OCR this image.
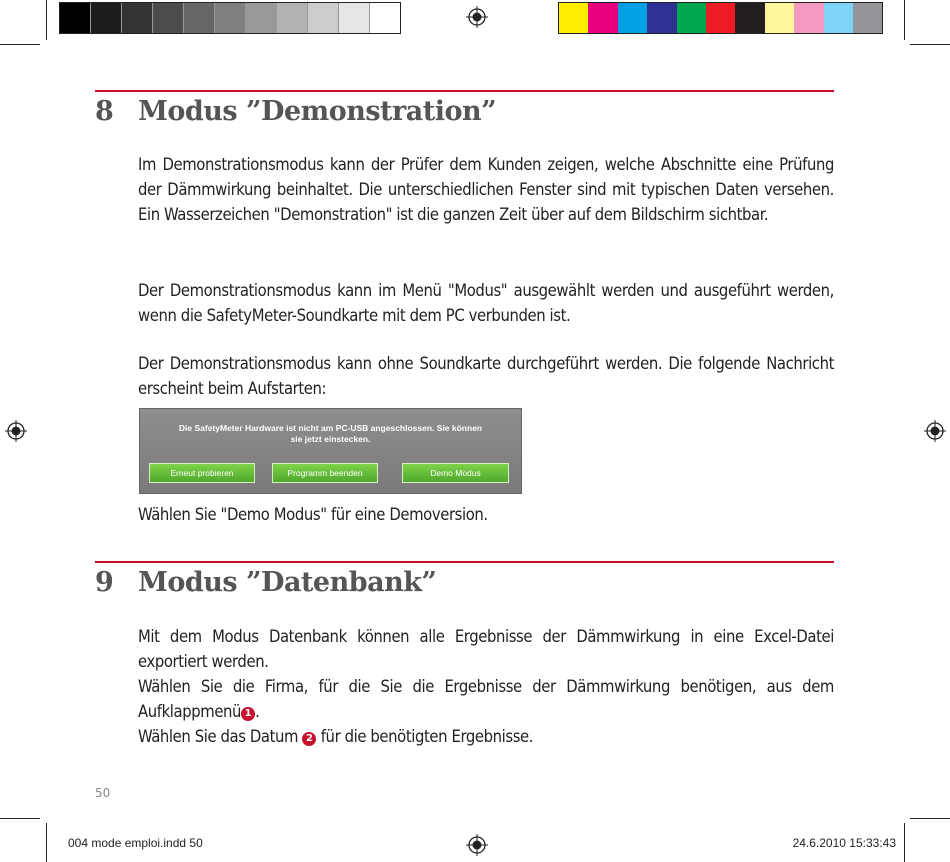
8 Modus ”Demonstration”
Im Demonstrationsmodus kann der Prüfer dem Kunden zeigen, welche Abschnitte eine Prüfung der Dämmwirkung beinhaltet. Die unterschiedlichen Fenster sind mit typischen Daten versehen. Ein Wasserzeichen "Demonstration" ist die ganzen Zeit über auf dem Bildschirm sichtbar.
Der Demonstrationsmodus kann im Menü "Modus" ausgewählt werden und ausgeführt werden, wenn die SafetyMeter-Soundkarte mit dem PC verbunden ist.
Der Demonstrationsmodus kann ohne Soundkarte durchgeführt werden. Die folgende Nachricht erscheint beim Aufstarten:
Die SafetyMeter Hardware ist nicht am PC-USB angeschlossen. Sie können
sie jetzt einstecken.
Erneut probieren	Programm beenden	Demo Modus
Wählen Sie "Demo Modus" für eine Demoversion.
9 Modus ”Datenbank”
Mit dem Modus Datenbank können alle Ergebnisse der Dämmwirkung in eine Excel-Datei exportiert werden.
Wählen Sie die Firma, für die Sie die Ergebnisse der Dämmwirkung benötigen, aus dem Aufklappmenü 1 .
Wählen Sie das Datum 2 für die benötigten Ergebnisse.
50
004 mode emploi.indd 50	24.6.2010 15:33:43
